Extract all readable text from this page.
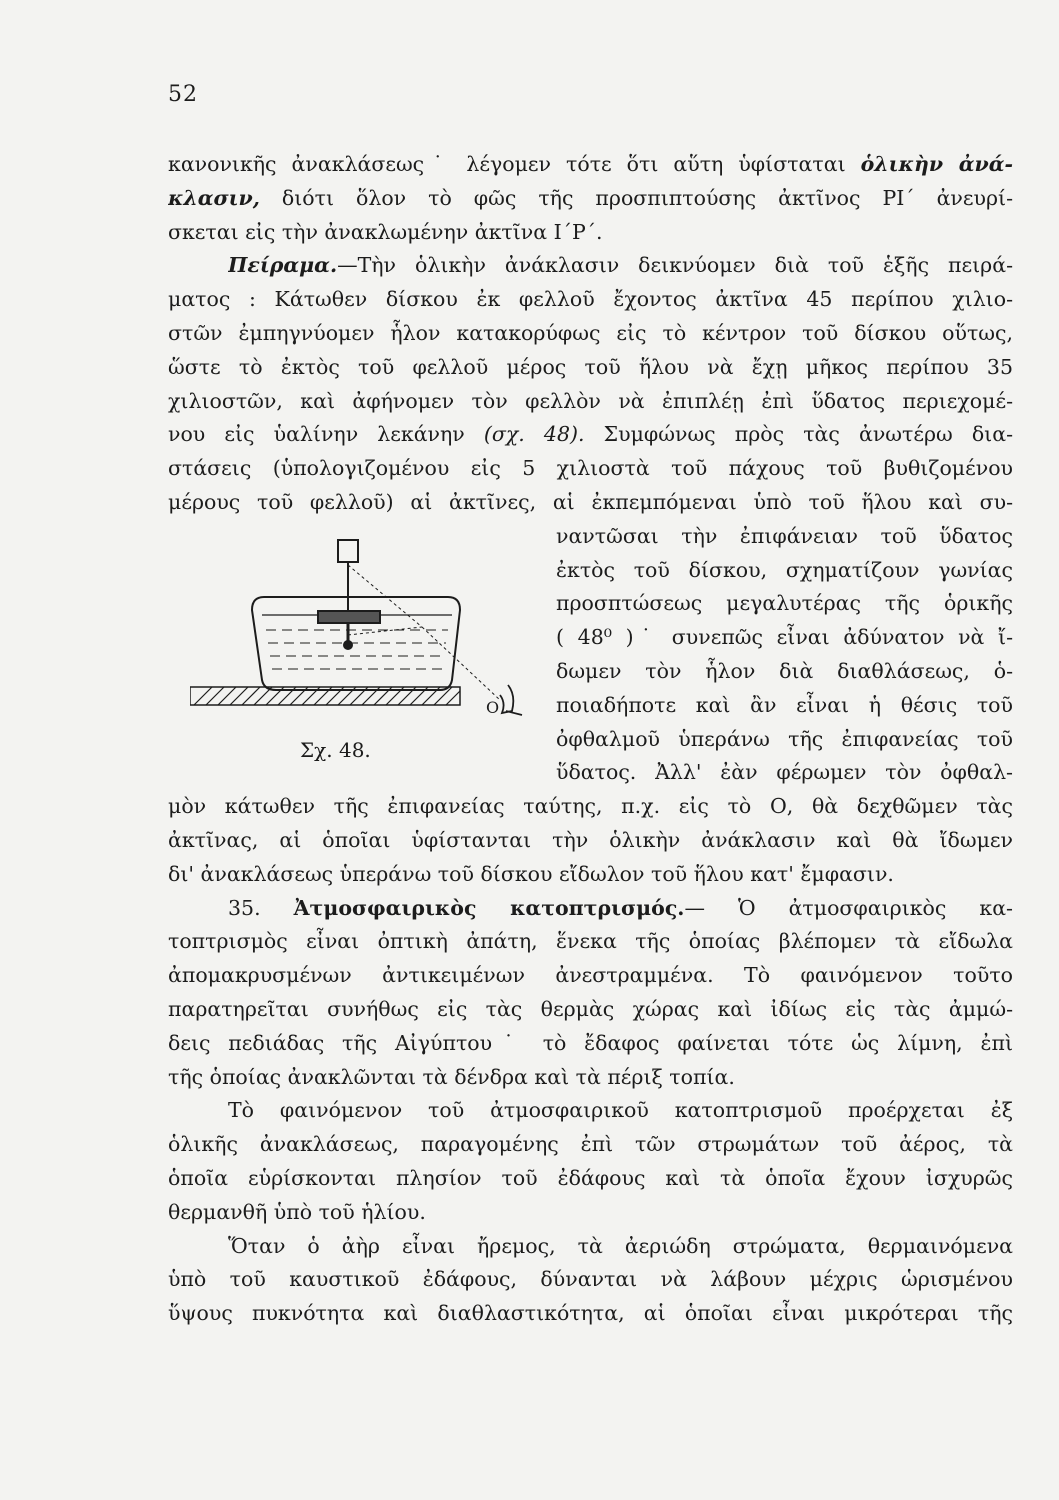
52
κανονικῆς ἀνακλάσεως˙ λέγομεν τότε ὅτι αὕτη ὑφίσταται ὁλικὴν ἀνά-
κλασιν, διότι ὅλον τὸ φῶς τῆς προσπιπτούσης ἀκτῖνος ΡΙ΄ ἀνευρί-
σκεται εἰς τὴν ἀνακλωμένην ἀκτῖνα Ι΄Ρ΄.
Πείραμα.—Τὴν ὁλικὴν ἀνάκλασιν δεικνύομεν διὰ τοῦ ἑξῆς πειρά-
ματος : Κάτωθεν δίσκου ἐκ φελλοῦ ἔχοντος ἀκτῖνα 45 περίπου χιλιο-
στῶν ἐμπηγνύομεν ἧλον κατακορύφως εἰς τὸ κέντρον τοῦ δίσκου οὕτως,
ὥστε τὸ ἐκτὸς τοῦ φελλοῦ μέρος τοῦ ἥλου νὰ ἔχῃ μῆκος περίπου 35
χιλιοστῶν, καὶ ἀφήνομεν τὸν φελλὸν νὰ ἐπιπλέῃ ἐπὶ ὕδατος περιεχομέ-
νου εἰς ὑαλίνην λεκάνην (σχ. 48). Συμφώνως πρὸς τὰς ἀνωτέρω δια-
στάσεις (ὑπολογιζομένου εἰς 5 χιλιοστὰ τοῦ πάχους τοῦ βυθιζομένου
μέρους τοῦ φελλοῦ) αἱ ἀκτῖνες, αἱ ἐκπεμπόμεναι ὑπὸ τοῦ ἥλου καὶ συ-
ναντῶσαι τὴν ἐπιφάνειαν τοῦ ὕδατος
ἐκτὸς τοῦ δίσκου, σχηματίζουν γωνίας
προσπτώσεως μεγαλυτέρας τῆς ὁρικῆς
( 48⁰ )˙ συνεπῶς εἶναι ἀδύνατον νὰ ἴ-
δωμεν τὸν ἧλον διὰ διαθλάσεως, ὁ-
ποιαδήποτε καὶ ἂν εἶναι ἡ θέσις τοῦ
ὀφθαλμοῦ ὑπεράνω τῆς ἐπιφανείας τοῦ
ὕδατος. Ἀλλ' ἐὰν φέρωμεν τὸν ὀφθαλ-
μὸν κάτωθεν τῆς ἐπιφανείας ταύτης, π.χ. εἰς τὸ Ο, θὰ δεχθῶμεν τὰς
ἀκτῖνας, αἱ ὁποῖαι ὑφίστανται τὴν ὁλικὴν ἀνάκλασιν καὶ θὰ ἴδωμεν
δι' ἀνακλάσεως ὑπεράνω τοῦ δίσκου εἴδωλον τοῦ ἥλου κατ' ἔμφασιν.
35. Ἀτμοσφαιρικὸς κατοπτρισμός.— Ὁ ἀτμοσφαιρικὸς κα-
τοπτρισμὸς εἶναι ὀπτικὴ ἀπάτη, ἕνεκα τῆς ὁποίας βλέπομεν τὰ εἴδωλα
ἀπομακρυσμένων ἀντικειμένων ἀνεστραμμένα. Τὸ φαινόμενον τοῦτο
παρατηρεῖται συνήθως εἰς τὰς θερμὰς χώρας καὶ ἰδίως εἰς τὰς ἀμμώ-
δεις πεδιάδας τῆς Αἰγύπτου˙ τὸ ἔδαφος φαίνεται τότε ὡς λίμνη, ἐπὶ
τῆς ὁποίας ἀνακλῶνται τὰ δένδρα καὶ τὰ πέριξ τοπία.
Τὸ φαινόμενον τοῦ ἀτμοσφαιρικοῦ κατοπτρισμοῦ προέρχεται ἐξ
ὁλικῆς ἀνακλάσεως, παραγομένης ἐπὶ τῶν στρωμάτων τοῦ ἀέρος, τὰ
ὁποῖα εὑρίσκονται πλησίον τοῦ ἐδάφους καὶ τὰ ὁποῖα ἔχουν ἰσχυρῶς
θερμανθῆ ὑπὸ τοῦ ἡλίου.
Ὅταν ὁ ἀὴρ εἶναι ἤρεμος, τὰ ἀεριώδη στρώματα, θερμαινόμενα
ὑπὸ τοῦ καυστικοῦ ἐδάφους, δύνανται νὰ λάβουν μέχρις ὡρισμένου
ὕψους πυκνότητα καὶ διαθλαστικότητα, αἱ ὁποῖαι εἶναι μικρότεραι τῆς
O
Σχ. 48.
